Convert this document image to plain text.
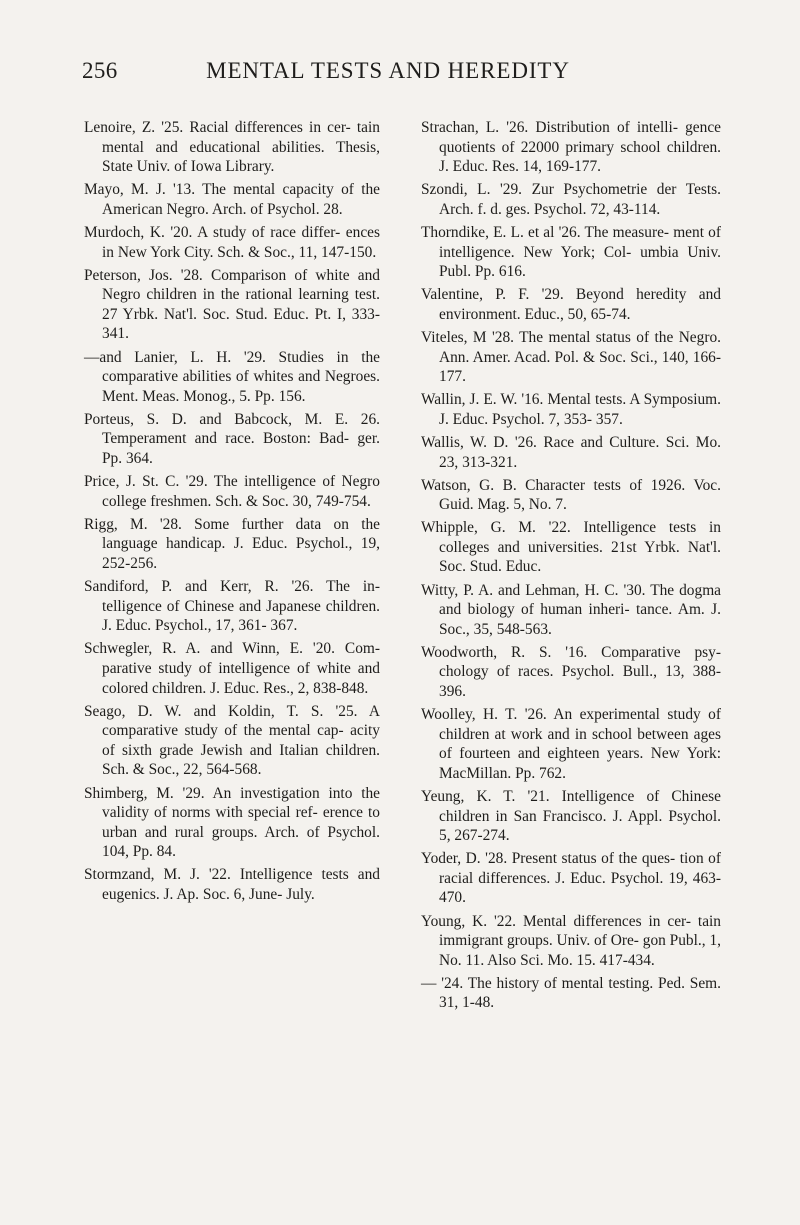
256	MENTAL TESTS AND HEREDITY

Lenoire, Z. '25. Racial differences in cer- tain mental and educational abilities. Thesis, State Univ. of Iowa Library.

Mayo, M. J. '13. The mental capacity of the American Negro. Arch. of Psychol. 28.

Murdoch, K. '20. A study of race differ- ences in New York City. Sch. & Soc., 11, 147-150.

Peterson, Jos. '28. Comparison of white and Negro children in the rational learning test. 27 Yrbk. Nat'l. Soc. Stud. Educ. Pt. I, 333-341.

—and Lanier, L. H. '29. Studies in the comparative abilities of whites and Negroes. Ment. Meas. Monog., 5. Pp. 156.

Porteus, S. D. and Babcock, M. E. 26. Temperament and race. Boston: Bad- ger. Pp. 364.

Price, J. St. C. '29. The intelligence of Negro college freshmen. Sch. & Soc. 30, 749-754.

Rigg, M. '28. Some further data on the language handicap. J. Educ. Psychol., 19, 252-256.

Sandiford, P. and Kerr, R. '26. The in- telligence of Chinese and Japanese children. J. Educ. Psychol., 17, 361- 367.

Schwegler, R. A. and Winn, E. '20. Com- parative study of intelligence of white and colored children. J. Educ. Res., 2, 838-848.

Seago, D. W. and Koldin, T. S. '25. A comparative study of the mental cap- acity of sixth grade Jewish and Italian children. Sch. & Soc., 22, 564-568.

Shimberg, M. '29. An investigation into the validity of norms with special ref- erence to urban and rural groups. Arch. of Psychol. 104, Pp. 84.

Stormzand, M. J. '22. Intelligence tests and eugenics. J. Ap. Soc. 6, June- July.

Strachan, L. '26. Distribution of intelli- gence quotients of 22000 primary school children. J. Educ. Res. 14, 169-177.

Szondi, L. '29. Zur Psychometrie der Tests. Arch. f. d. ges. Psychol. 72, 43-114.

Thorndike, E. L. et al '26. The measure- ment of intelligence. New York; Col- umbia Univ. Publ. Pp. 616.

Valentine, P. F. '29. Beyond heredity and environment. Educ., 50, 65-74.

Viteles, M '28. The mental status of the Negro. Ann. Amer. Acad. Pol. & Soc. Sci., 140, 166-177.

Wallin, J. E. W. '16. Mental tests. A Symposium. J. Educ. Psychol. 7, 353- 357.

Wallis, W. D. '26. Race and Culture. Sci. Mo. 23, 313-321.

Watson, G. B. Character tests of 1926. Voc. Guid. Mag. 5, No. 7.

Whipple, G. M. '22. Intelligence tests in colleges and universities. 21st Yrbk. Nat'l. Soc. Stud. Educ.

Witty, P. A. and Lehman, H. C. '30. The dogma and biology of human inheri- tance. Am. J. Soc., 35, 548-563.

Woodworth, R. S. '16. Comparative psy- chology of races. Psychol. Bull., 13, 388-396.

Woolley, H. T. '26. An experimental study of children at work and in school between ages of fourteen and eighteen years. New York: MacMillan. Pp. 762.

Yeung, K. T. '21. Intelligence of Chinese children in San Francisco. J. Appl. Psychol. 5, 267-274.

Yoder, D. '28. Present status of the ques- tion of racial differences. J. Educ. Psychol. 19, 463-470.

Young, K. '22. Mental differences in cer- tain immigrant groups. Univ. of Ore- gon Publ., 1, No. 11. Also Sci. Mo. 15. 417-434.

— '24. The history of mental testing. Ped. Sem. 31, 1-48.
